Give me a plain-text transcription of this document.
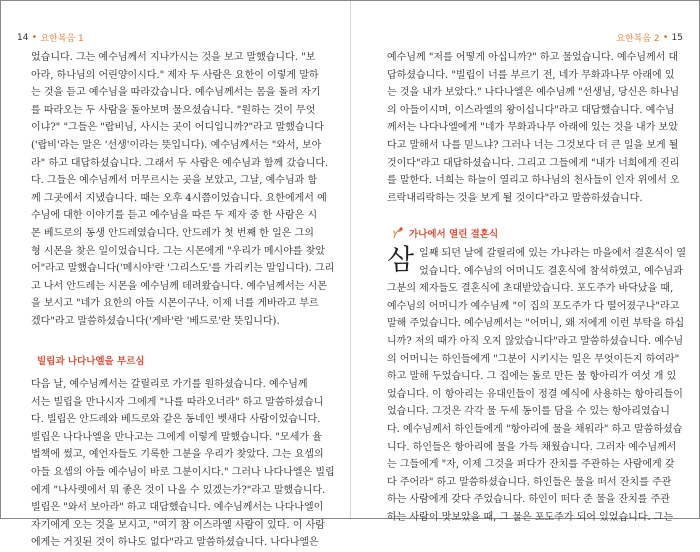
14 • 요한복음 1
었습니다. 그는 예수님께서 지나가시는 것을 보고 말했습니다. "보
아라, 하나님의 어린양이시다." 제자 두 사람은 요한이 이렇게 말하
는 것을 듣고 예수님을 따라갔습니다. 예수님께서는 몸을 돌려 자기
를 따라오는 두 사람을 돌아보며 물으셨습니다. "원하는 것이 무엇
이냐?" "그들은 "랍비님, 사시는 곳이 어디입니까?"라고 말했습니다
('랍비'라는 말은 '선생'이라는 뜻입니다). 예수님께서는 "와서, 보아
라" 하고 대답하셨습니다. 그래서 두 사람은 예수님과 함께 갔습니다.
다. 그들은 예수님께서 머무르시는 곳을 보았고, 그날, 예수님과 함
께 그곳에서 지냈습니다. 때는 오후 4시쯤이었습니다. 요한에게서 예
수님에 대한 이야기를 듣고 예수님을 따른 두 제자 중 한 사람은 시
몬 베드로의 동생 안드레였습니다. 안드레가 첫 번째 한 일은 그의
형 시몬을 찾은 일이었습니다. 그는 시몬에게 "우리가 메시야를 찾았
어"라고 말했습니다('메시야'란 '그리스도'를 가리키는 말입니다). 그리
고 나서 안드레는 시몬을 예수님께 데려왔습니다. 예수님께서는 시몬
을 보시고 "네가 요한의 아들 시몬이구나. 이제 너를 게바라고 부르
겠다"라고 말씀하셨습니다('게바'란 '베드로'란 뜻입니다).
빌립과 나다나엘을 부르심
다음 날, 예수님께서는 갈릴리로 가기를 원하셨습니다. 예수님께
서는 빌립을 만나시자 그에게 "나를 따라오너라" 하고 말씀하셨습니
다. 빌립은 안드레와 베드로와 같은 동네인 벳새다 사람이었습니다.
빌립은 나다나엘을 만나고는 그에게 이렇게 말했습니다. "모세가 율
법책에 썼고, 예언자들도 기록한 그분을 우리가 찾았다. 그는 요셉의
아들 요셉의 아들 예수님이 바로 그분이시다." 그러나 나다나엘은 빌립
에게 "나사렛에서 뭐 좋은 것이 나올 수 있겠는가?"라고 말했습니다.
빌립은 "와서 보아라" 하고 대답했습니다. 예수님께서는 나다나엘이
자기에게 오는 것을 보시고, "여기 참 이스라엘 사람이 있다. 이 사람
에게는 거짓된 것이 하나도 없다"라고 말씀하셨습니다. 나다나엘은
요한복음 2 • 15
예수님께 "저를 어떻게 아십니까?" 하고 물었습니다. 예수님께서 대
답하셨습니다. "빌립이 너를 부르기 전, 네가 무화과나무 아래에 있
는 것을 내가 보았다." 나다나엘은 예수님께 "선생님, 당신은 하나님
의 아들이시며, 이스라엘의 왕이십니다"라고 대답했습니다. 예수님
께서는 나다나엘에게 "네가 무화과나무 아래에 있는 것을 내가 보았
다고 말해서 나를 믿느냐? 그러나 너는 그것보다 더 큰 일을 보게 될
것이다"라고 대답하셨습니다. 그리고 그들에게 "내가 너희에게 진리
를 말한다. 너희는 하늘이 열리고 하나님의 천사들이 인자 위에서 오
르락내리락하는 것을 보게 될 것이다"라고 말씀하셨습니다.
가나에서 열린 결혼식
삼 일째 되던 날에 갈릴리에 있는 가나라는 마을에서 결혼식이 열
었습니다. 예수님의 어머니도 결혼식에 참석하였고, 예수님과
그분의 제자들도 결혼식에 초대받았습니다. 포도주가 바닥났을 때,
예수님의 어머니가 예수님께 "이 집의 포도주가 다 떨어졌구나"라고
말해 주었습니다. 예수님께서는 "어머니, 왜 저에게 이런 부탁을 하십
니까? 저의 때가 아직 오지 않았습니다"라고 말씀하셨습니다. 예수님
의 어머니는 하인들에게 "그분이 시키시는 일은 무엇이든지 하여라"
하고 말해 두었습니다. 그 집에는 돌로 만든 물 항아리가 여섯 개 있
었습니다. 이 항아리는 유대인들이 정결 예식에 사용하는 항아리들이
었습니다. 그것은 각각 물 두세 동이를 담을 수 있는 항아리였습니
다. 예수님께서 하인들에게 "항아리에 물을 채워라" 하고 말씀하셨습
니다. 하인들은 항아리에 물을 가득 채웠습니다. 그러자 예수님께서
는 그들에게 "자, 이제 그것을 퍼다가 잔치를 주관하는 사람에게 갖
다 주어라" 하고 말씀하셨습니다. 하인들은 물을 떠서 잔치를 주관
하는 사람에게 갖다 주었습니다. 하인이 떠다 준 물을 잔치를 주관
하는 사람이 맛보았을 때, 그 물은 포도주가 되어 있었습니다. 그는
